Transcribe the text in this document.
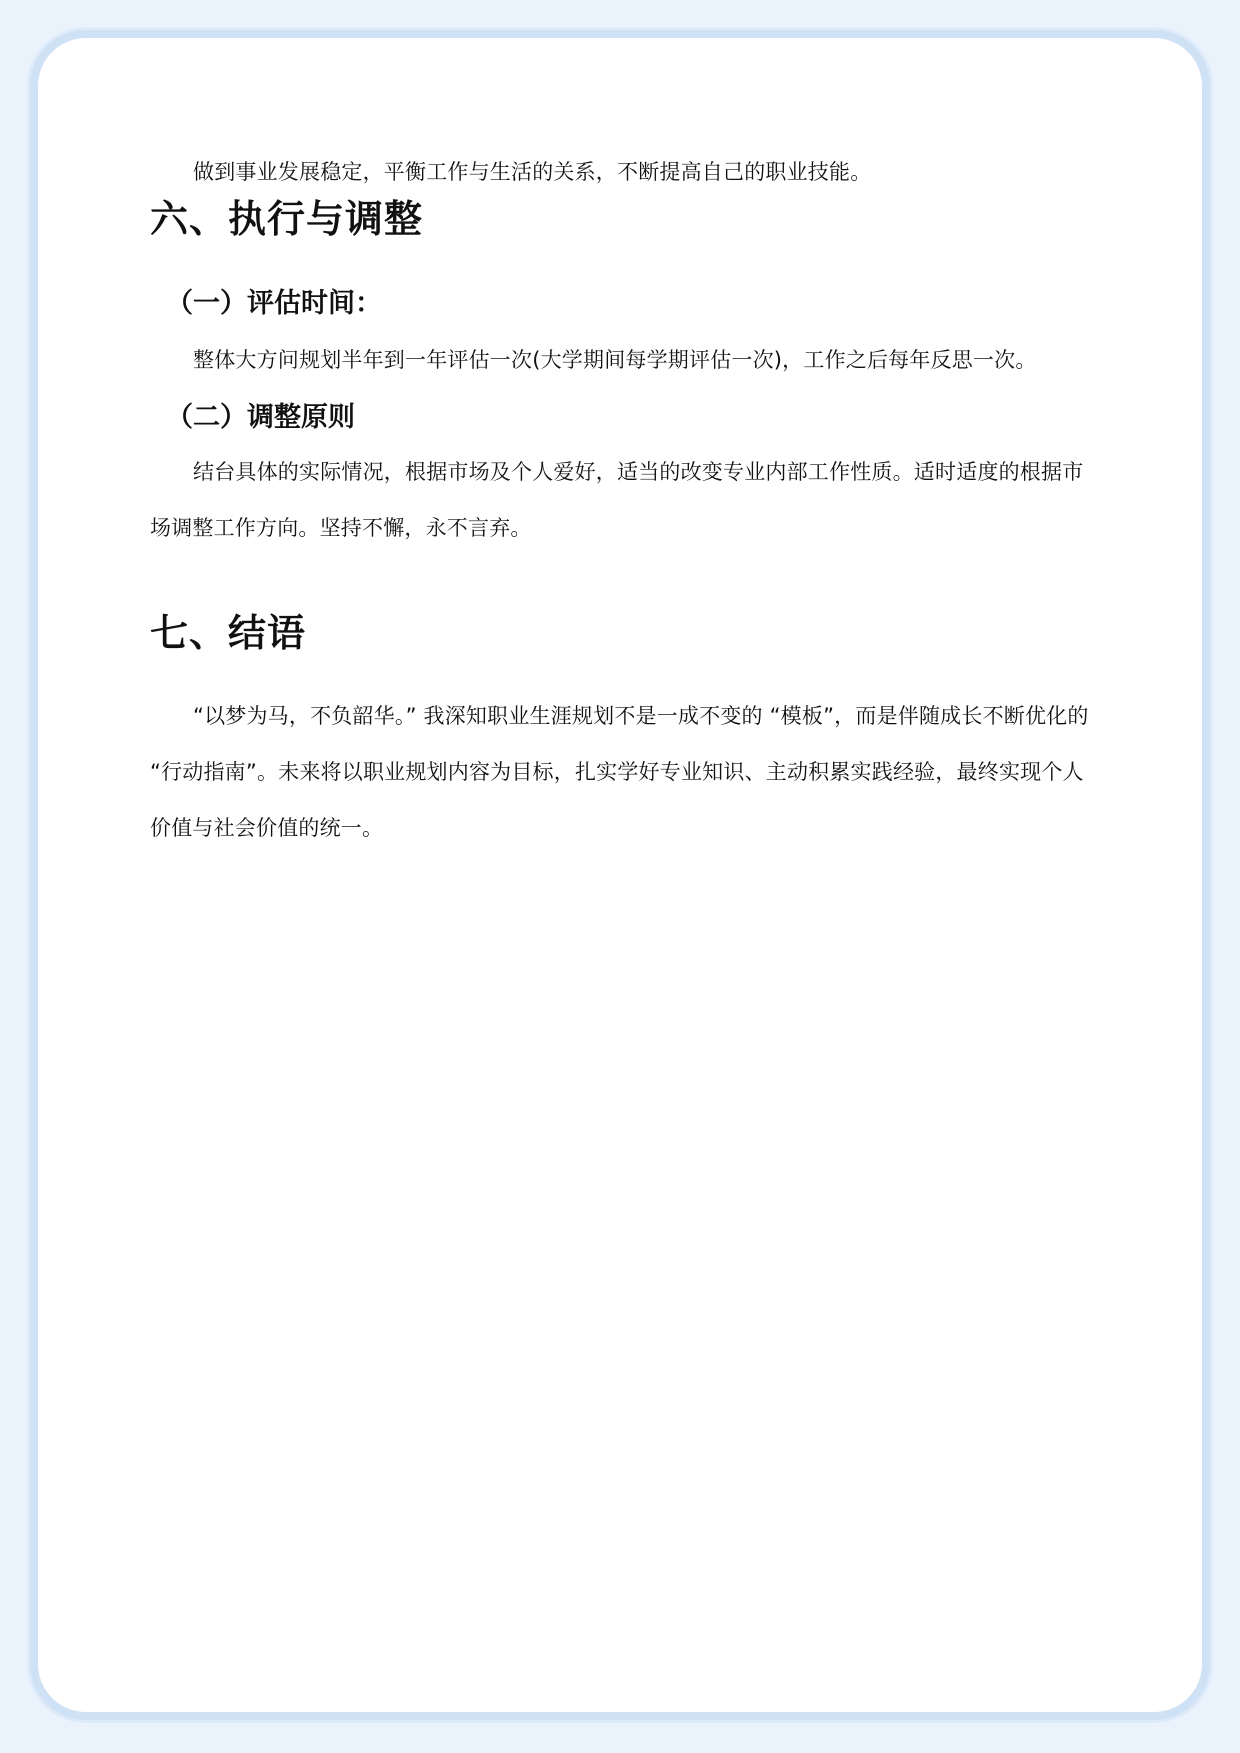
做到事业发展稳定，平衡工作与生活的关系，不断提高自己的职业技能。

六、执行与调整
（一）评估时间：

整体大方问规划半年到一年评估一次(大学期间每学期评估一次)，工作之后每年反思一次。

（二）调整原则

结台具体的实际情况，根据市场及个人爱好，适当的改变专业内部工作性质。适时适度的根据市场调整工作方向。坚持不懈，永不言弃。

七、结语

“以梦为马，不负韶华。” 我深知职业生涯规划不是一成不变的 “模板”，而是伴随成长不断优化的 “行动指南”。未来将以职业规划内容为目标，扎实学好专业知识、主动积累实践经验，最终实现个人价值与社会价值的统一。
